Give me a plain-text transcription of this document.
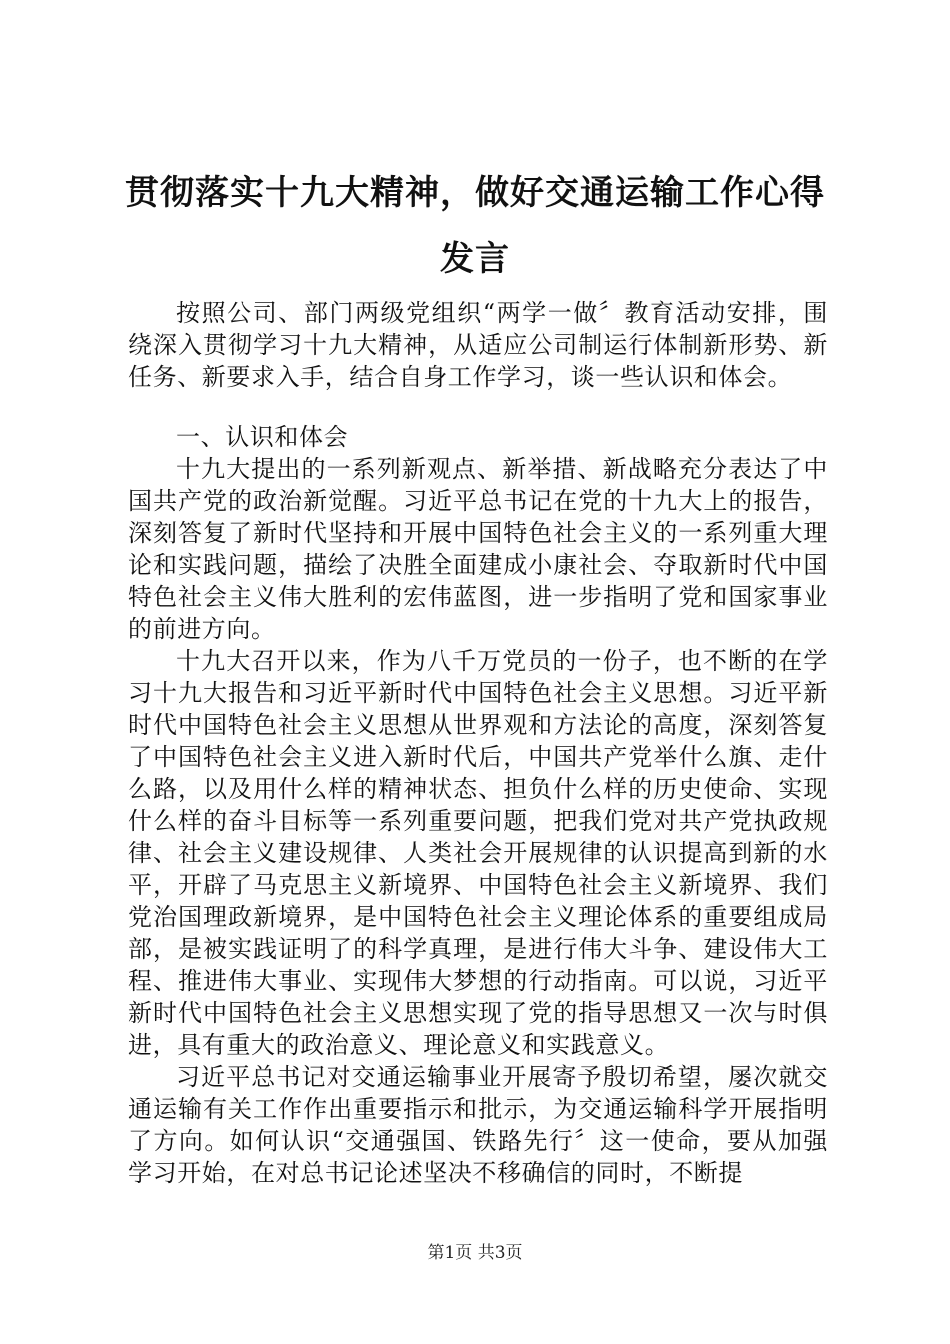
贯彻落实十九大精神，做好交通运输工作心得发言

按照公司、部门两级党组织“两学一做〞教育活动安排，围绕深入贯彻学习十九大精神，从适应公司制运行体制新形势、新任务、新要求入手，结合自身工作学习，谈一些认识和体会。

一、认识和体会

十九大提出的一系列新观点、新举措、新战略充分表达了中国共产党的政治新觉醒。习近平总书记在党的十九大上的报告，深刻答复了新时代坚持和开展中国特色社会主义的一系列重大理论和实践问题，描绘了决胜全面建成小康社会、夺取新时代中国特色社会主义伟大胜利的宏伟蓝图，进一步指明了党和国家事业的前进方向。

十九大召开以来，作为八千万党员的一份子，也不断的在学习十九大报告和习近平新时代中国特色社会主义思想。习近平新时代中国特色社会主义思想从世界观和方法论的高度，深刻答复了中国特色社会主义进入新时代后，中国共产党举什么旗、走什么路，以及用什么样的精神状态、担负什么样的历史使命、实现什么样的奋斗目标等一系列重要问题，把我们党对共产党执政规律、社会主义建设规律、人类社会开展规律的认识提高到新的水平，开辟了马克思主义新境界、中国特色社会主义新境界、我们党治国理政新境界，是中国特色社会主义理论体系的重要组成局部，是被实践证明了的科学真理，是进行伟大斗争、建设伟大工程、推进伟大事业、实现伟大梦想的行动指南。可以说，习近平新时代中国特色社会主义思想实现了党的指导思想又一次与时俱进，具有重大的政治意义、理论意义和实践意义。

习近平总书记对交通运输事业开展寄予殷切希望，屡次就交通运输有关工作作出重要指示和批示，为交通运输科学开展指明了方向。如何认识“交通强国、铁路先行〞这一使命，要从加强学习开始，在对总书记论述坚决不移确信的同时，不断提

第1页 共3页
